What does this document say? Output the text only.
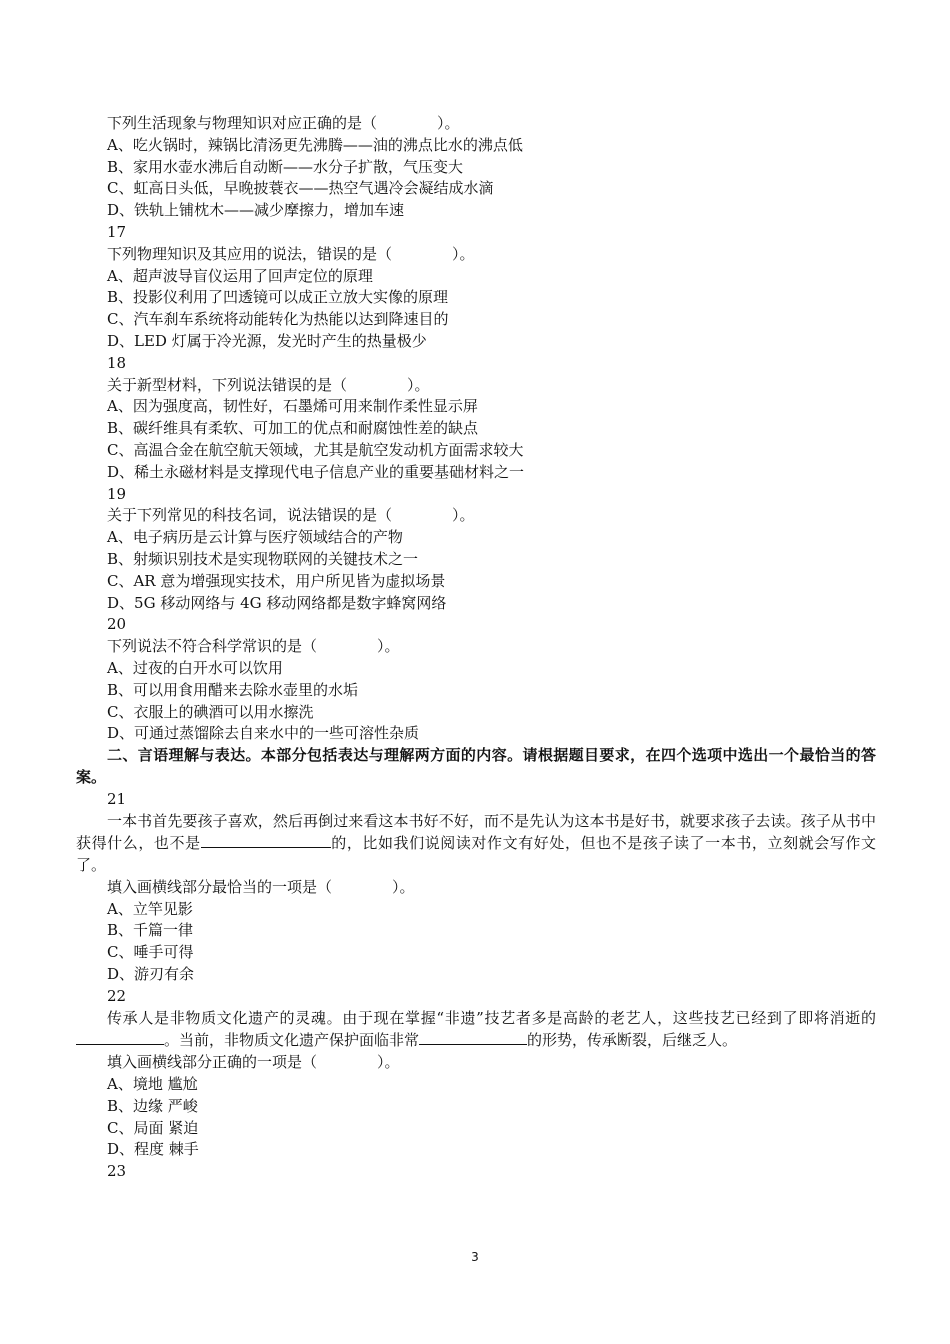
下列生活现象与物理知识对应正确的是（　　　　）。
A、吃火锅时，辣锅比清汤更先沸腾——油的沸点比水的沸点低
B、家用水壶水沸后自动断——水分子扩散，气压变大
C、虹高日头低，早晚披蓑衣——热空气遇冷会凝结成水滴
D、铁轨上铺枕木——减少摩擦力，增加车速
17
下列物理知识及其应用的说法，错误的是（　　　　）。
A、超声波导盲仪运用了回声定位的原理
B、投影仪利用了凹透镜可以成正立放大实像的原理
C、汽车刹车系统将动能转化为热能以达到降速目的
D、LED 灯属于冷光源，发光时产生的热量极少
18
关于新型材料，下列说法错误的是（　　　　）。
A、因为强度高，韧性好，石墨烯可用来制作柔性显示屏
B、碳纤维具有柔软、可加工的优点和耐腐蚀性差的缺点
C、高温合金在航空航天领域，尤其是航空发动机方面需求较大
D、稀土永磁材料是支撑现代电子信息产业的重要基础材料之一
19
关于下列常见的科技名词，说法错误的是（　　　　）。
A、电子病历是云计算与医疗领域结合的产物
B、射频识别技术是实现物联网的关键技术之一
C、AR 意为增强现实技术，用户所见皆为虚拟场景
D、5G 移动网络与 4G 移动网络都是数字蜂窝网络
20
下列说法不符合科学常识的是（　　　　）。
A、过夜的白开水可以饮用
B、可以用食用醋来去除水壶里的水垢
C、衣服上的碘酒可以用水擦洗
D、可通过蒸馏除去自来水中的一些可溶性杂质
二、言语理解与表达。本部分包括表达与理解两方面的内容。请根据题目要求，在四个选项中选出一个最恰当的答案。
21
一本书首先要孩子喜欢，然后再倒过来看这本书好不好，而不是先认为这本书是好书，就要求孩子去读。孩子从书中获得什么，也不是	的，比如我们说阅读对作文有好处，但也不是孩子读了一本书，立刻就会写作文了。
填入画横线部分最恰当的一项是（　　　　）。
A、立竿见影
B、千篇一律
C、唾手可得
D、游刃有余
22
传承人是非物质文化遗产的灵魂。由于现在掌握“非遗”技艺者多是高龄的老艺人，这些技艺已经到了即将消逝的。当前，非物质文化遗产保护面临非常	的形势，传承断裂，后继乏人。
填入画横线部分正确的一项是（　　　　）。
A、境地 尴尬
B、边缘 严峻
C、局面 紧迫
D、程度 棘手
23
3
